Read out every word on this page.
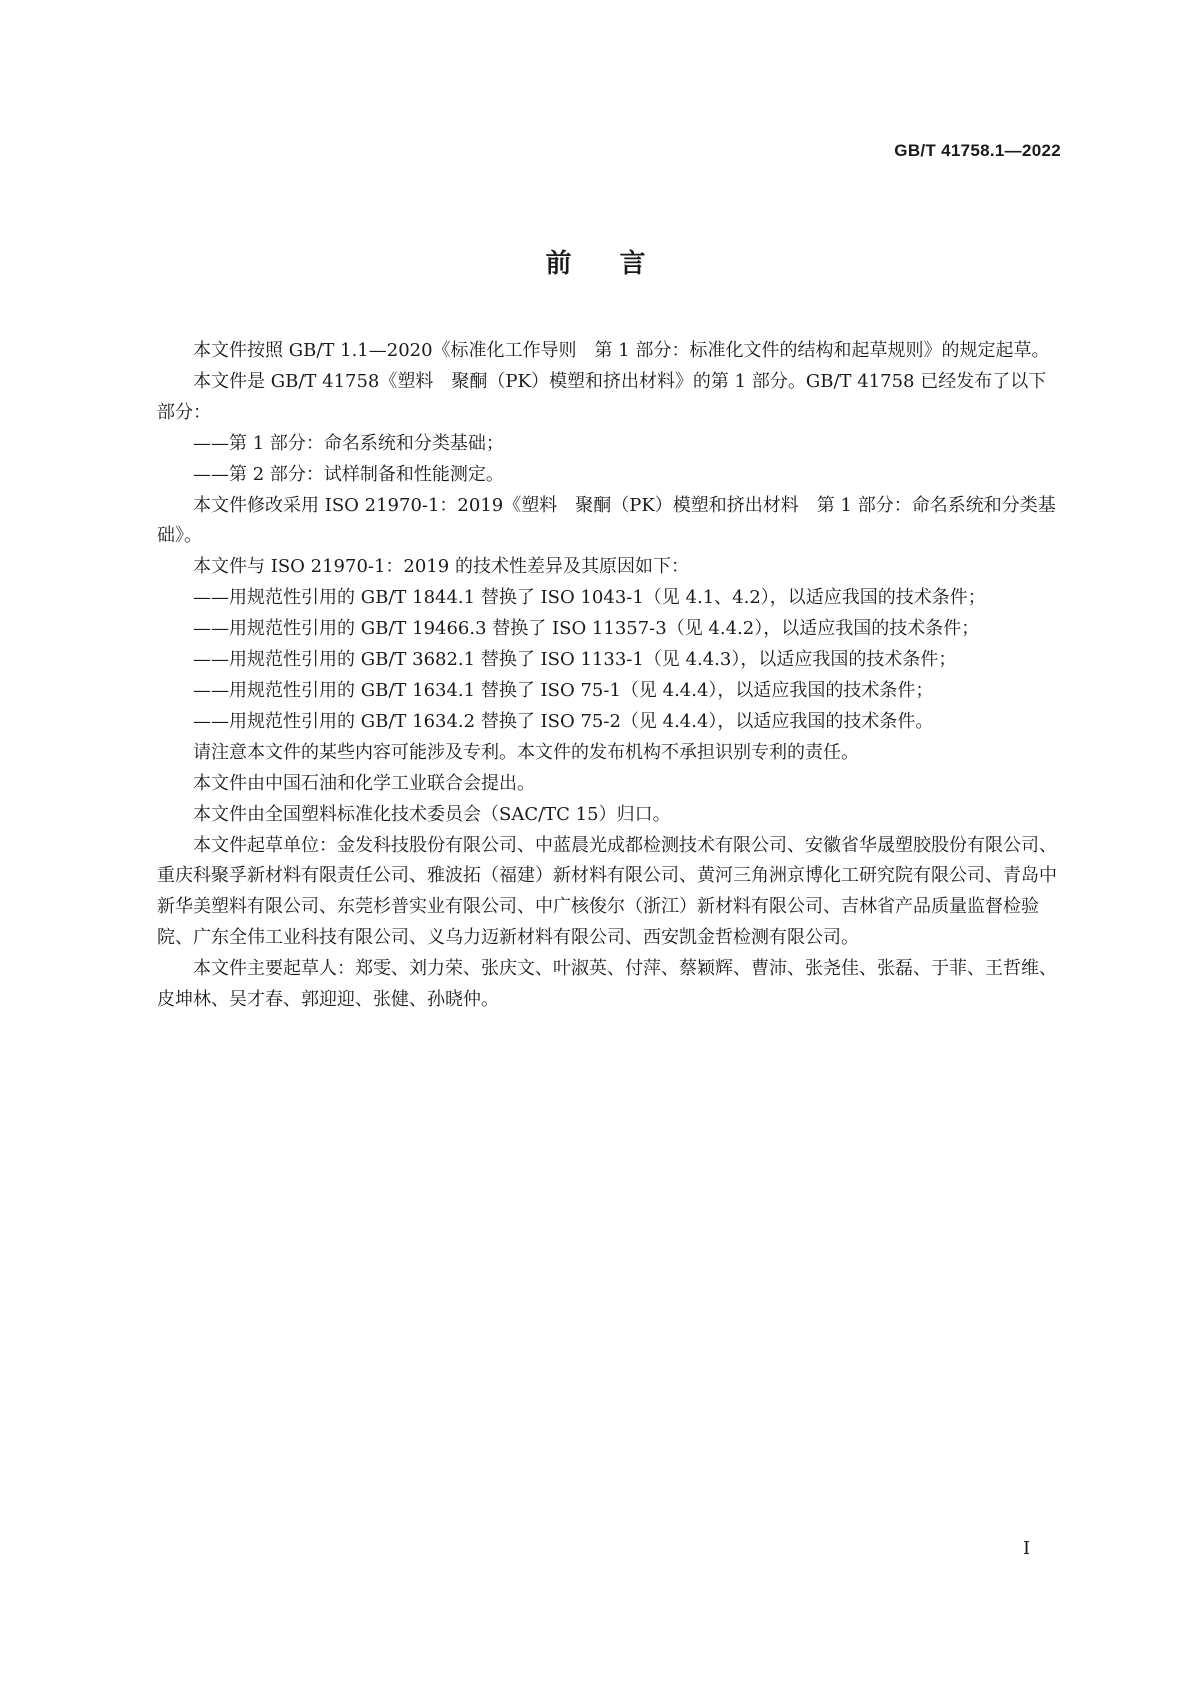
GB/T 41758.1—2022
前言

本文件按照 GB/T 1.1—2020《标准化工作导则　第 1 部分：标准化文件的结构和起草规则》的规定起草。

本文件是 GB/T 41758《塑料　聚酮（PK）模塑和挤出材料》的第 1 部分。GB/T 41758 已经发布了以下部分：

——第 1 部分：命名系统和分类基础；

——第 2 部分：试样制备和性能测定。

本文件修改采用 ISO 21970-1：2019《塑料　聚酮（PK）模塑和挤出材料　第 1 部分：命名系统和分类基础》。

本文件与 ISO 21970-1：2019 的技术性差异及其原因如下：

——用规范性引用的 GB/T 1844.1 替换了 ISO 1043-1（见 4.1、4.2），以适应我国的技术条件；

——用规范性引用的 GB/T 19466.3 替换了 ISO 11357-3（见 4.4.2），以适应我国的技术条件；

——用规范性引用的 GB/T 3682.1 替换了 ISO 1133-1（见 4.4.3），以适应我国的技术条件；

——用规范性引用的 GB/T 1634.1 替换了 ISO 75-1（见 4.4.4），以适应我国的技术条件；

——用规范性引用的 GB/T 1634.2 替换了 ISO 75-2（见 4.4.4），以适应我国的技术条件。

请注意本文件的某些内容可能涉及专利。本文件的发布机构不承担识别专利的责任。

本文件由中国石油和化学工业联合会提出。

本文件由全国塑料标准化技术委员会（SAC/TC 15）归口。

本文件起草单位：金发科技股份有限公司、中蓝晨光成都检测技术有限公司、安徽省华晟塑胶股份有限公司、重庆科聚孚新材料有限责任公司、雅波拓（福建）新材料有限公司、黄河三角洲京博化工研究院有限公司、青岛中新华美塑料有限公司、东莞杉普实业有限公司、中广核俊尔（浙江）新材料有限公司、吉林省产品质量监督检验院、广东全伟工业科技有限公司、义乌力迈新材料有限公司、西安凯金哲检测有限公司。

本文件主要起草人：郑雯、刘力荣、张庆文、叶淑英、付萍、蔡颖辉、曹沛、张尧佳、张磊、于菲、王哲维、皮坤林、吴才春、郭迎迎、张健、孙晓仲。

I
